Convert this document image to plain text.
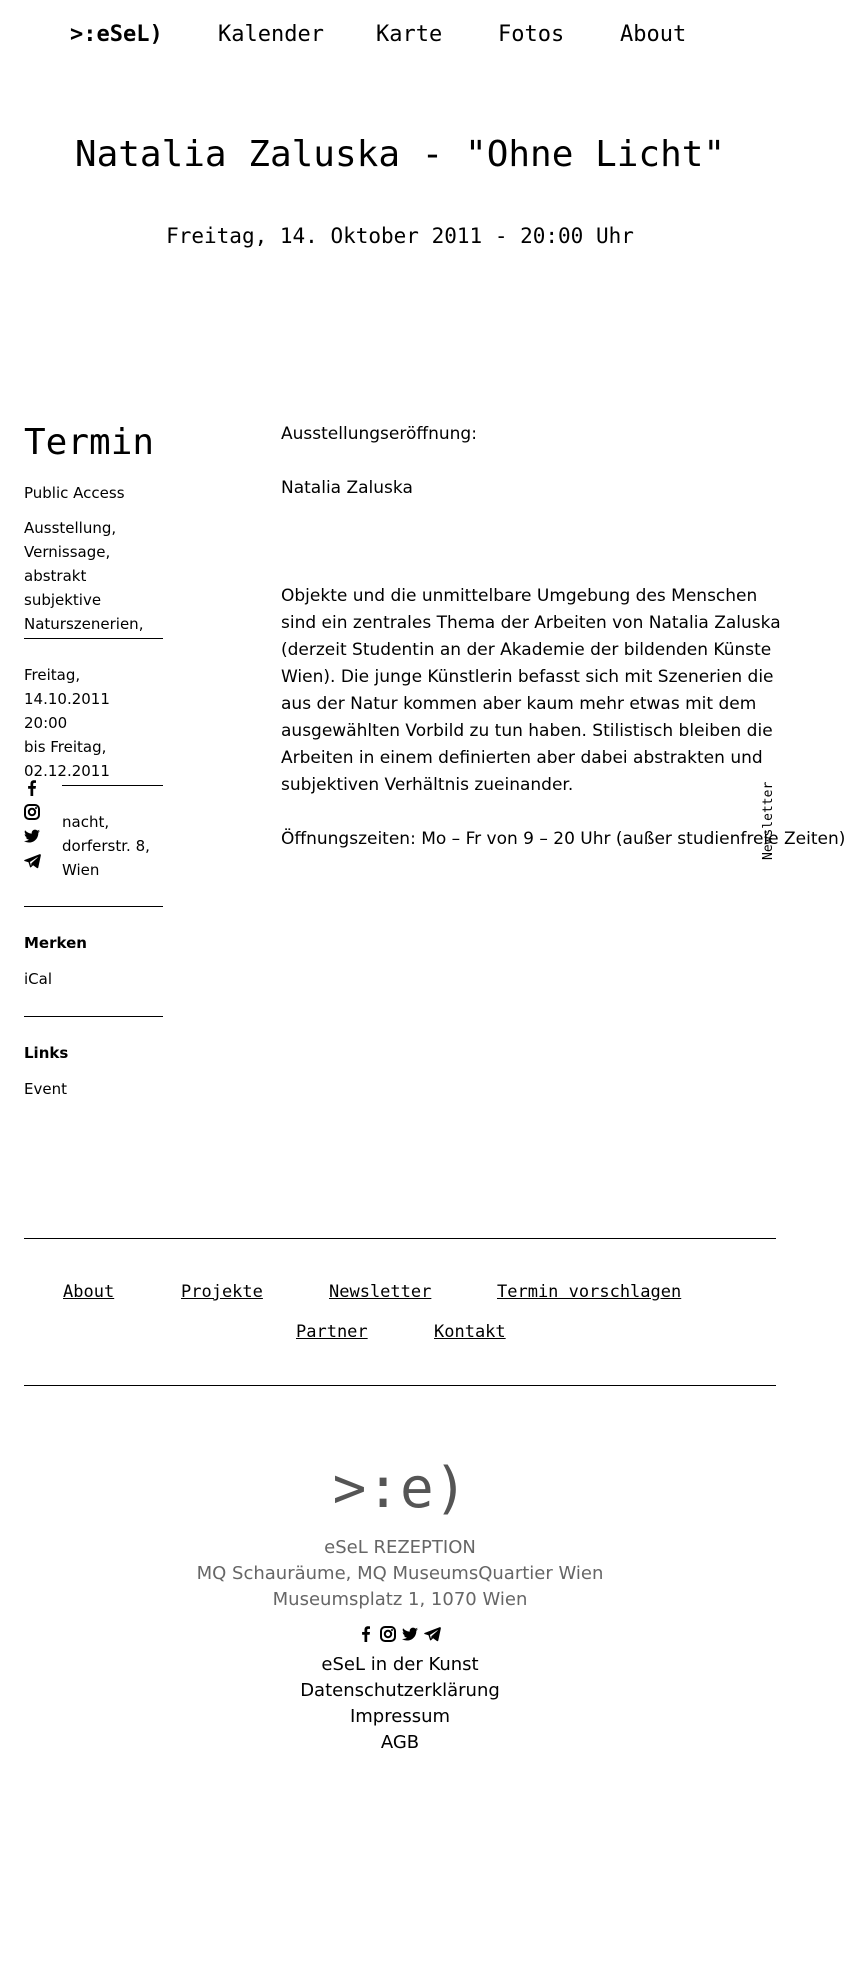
>:eSeL)	Kalender Karte	Fotos	About
Natalia Zaluska - "Ohne Licht"
Freitag, 14. Oktober 2011 - 20:00 Uhr
Termin
Public Access
Ausstellung,
Vernissage,
abstrakt subjektive
Naturszenerien,
Freitag, 14.10.2011
20:00
bis Freitag,
02.12.2011
nacht,
dorferstr. 8,
Wien
Merken
iCal
Links
Event

Ausstellungseröffnung:

Natalia Zaluska

Objekte und die unmittelbare Umgebung des Menschen

sind ein zentrales Thema der Arbeiten von Natalia Zaluska

(derzeit Studentin an der Akademie der bildenden Künste

Wien). Die junge Künstlerin befasst sich mit Szenerien die

aus der Natur kommen aber kaum mehr etwas mit dem

ausgewählten Vorbild zu tun haben. Stilistisch bleiben die

Arbeiten in einem definierten aber dabei abstrakten und

subjektiven Verhältnis zueinander.

Öffnungszeiten: Mo – Fr von 9 – 20 Uhr (außer studienfreie Zeiten)

Newsletter
About	Projekte	Newsletter	Termin vorschlagen
Partner	Kontakt
>:e)
eSeL REZEPTION
MQ Schauräume, MQ MuseumsQuartier Wien
Museumsplatz 1, 1070 Wien
eSeL in der Kunst
Datenschutzerklärung
Impressum
AGB
